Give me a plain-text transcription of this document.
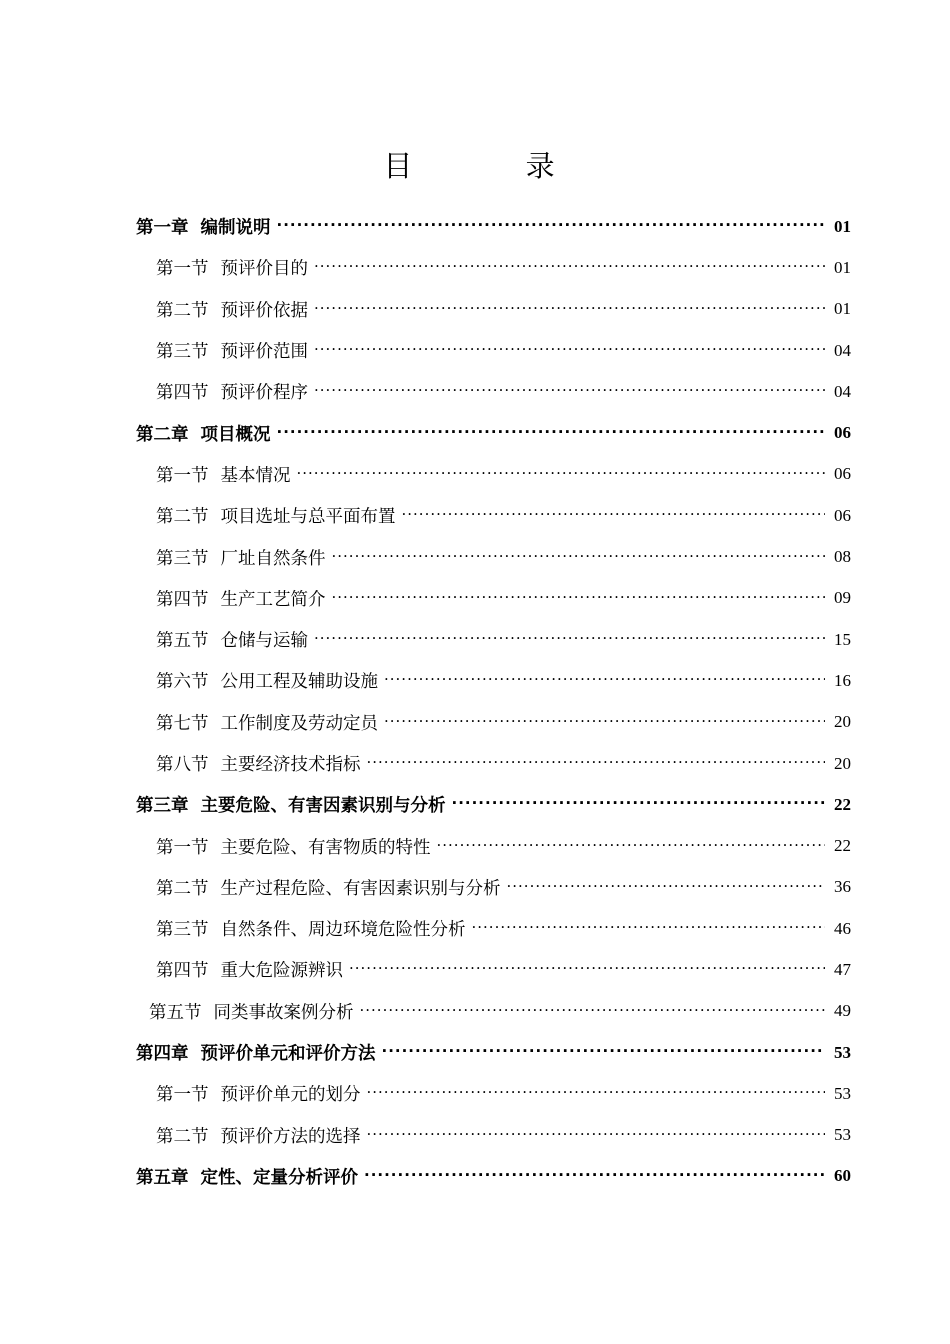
目 录
第一章 编制说明 ·····	01
第一节 预评价目的 ·····	01
第二节 预评价依据 ·····	01
第三节 预评价范围 ·····	04
第四节 预评价程序 ·····	04
第二章 项目概况 ·····	06
第一节 基本情况 ·····	06
第二节 项目选址与总平面布置 ·····	06
第三节 厂址自然条件 ·····	08
第四节 生产工艺简介 ·····	09
第五节 仓储与运输 ·····	15
第六节 公用工程及辅助设施 ·····	16
第七节 工作制度及劳动定员 ·····	20
第八节 主要经济技术指标 ·····	20
第三章 主要危险、有害因素识别与分析 ·····	22
第一节 主要危险、有害物质的特性 ·····	22
第二节 生产过程危险、有害因素识别与分析 ·····	36
第三节 自然条件、周边环境危险性分析 ·····	46
第四节 重大危险源辨识 ·····	47
第五节 同类事故案例分析 ·····	49
第四章 预评价单元和评价方法 ·····	53
第一节 预评价单元的划分 ·····	53
第二节 预评价方法的选择 ·····	53
第五章 定性、定量分析评价 ·····	60
